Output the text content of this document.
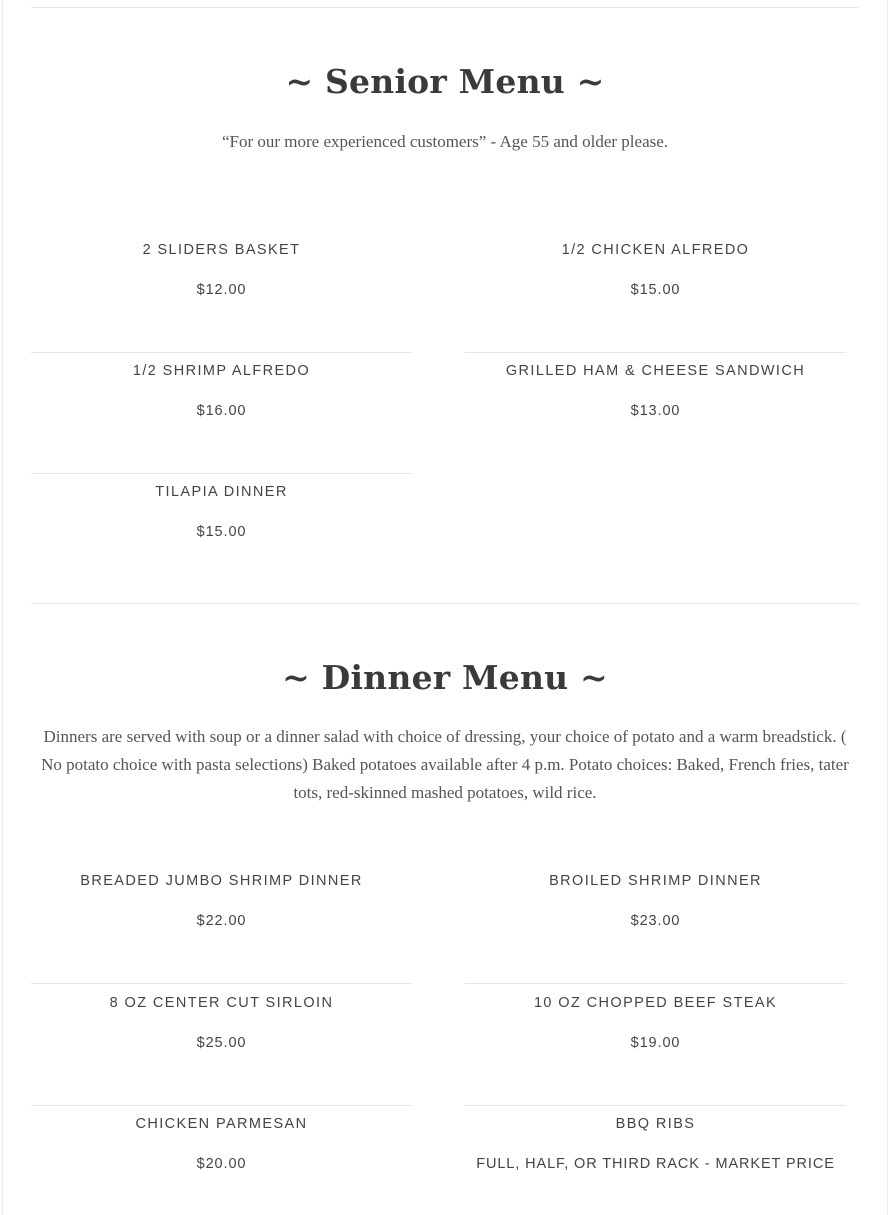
~ Senior Menu ~

“For our more experienced customers” - Age 55 and older please.

2 SLIDERS BASKET
$12.00
1/2 CHICKEN ALFREDO
$15.00
1/2 SHRIMP ALFREDO
$16.00
GRILLED HAM & CHEESE SANDWICH
$13.00
TILAPIA DINNER
$15.00
~ Dinner Menu ~

Dinners are served with soup or a dinner salad with choice of dressing, your choice of potato and a warm breadstick. ( No potato choice with pasta selections) Baked potatoes available after 4 p.m. Potato choices: Baked, French fries, tater tots, red-skinned mashed potatoes, wild rice.

BREADED JUMBO SHRIMP DINNER
$22.00
BROILED SHRIMP DINNER
$23.00
8 OZ CENTER CUT SIRLOIN
$25.00
10 OZ CHOPPED BEEF STEAK
$19.00
CHICKEN PARMESAN
$20.00
BBQ RIBS
FULL, HALF, OR THIRD RACK - MARKET PRICE
